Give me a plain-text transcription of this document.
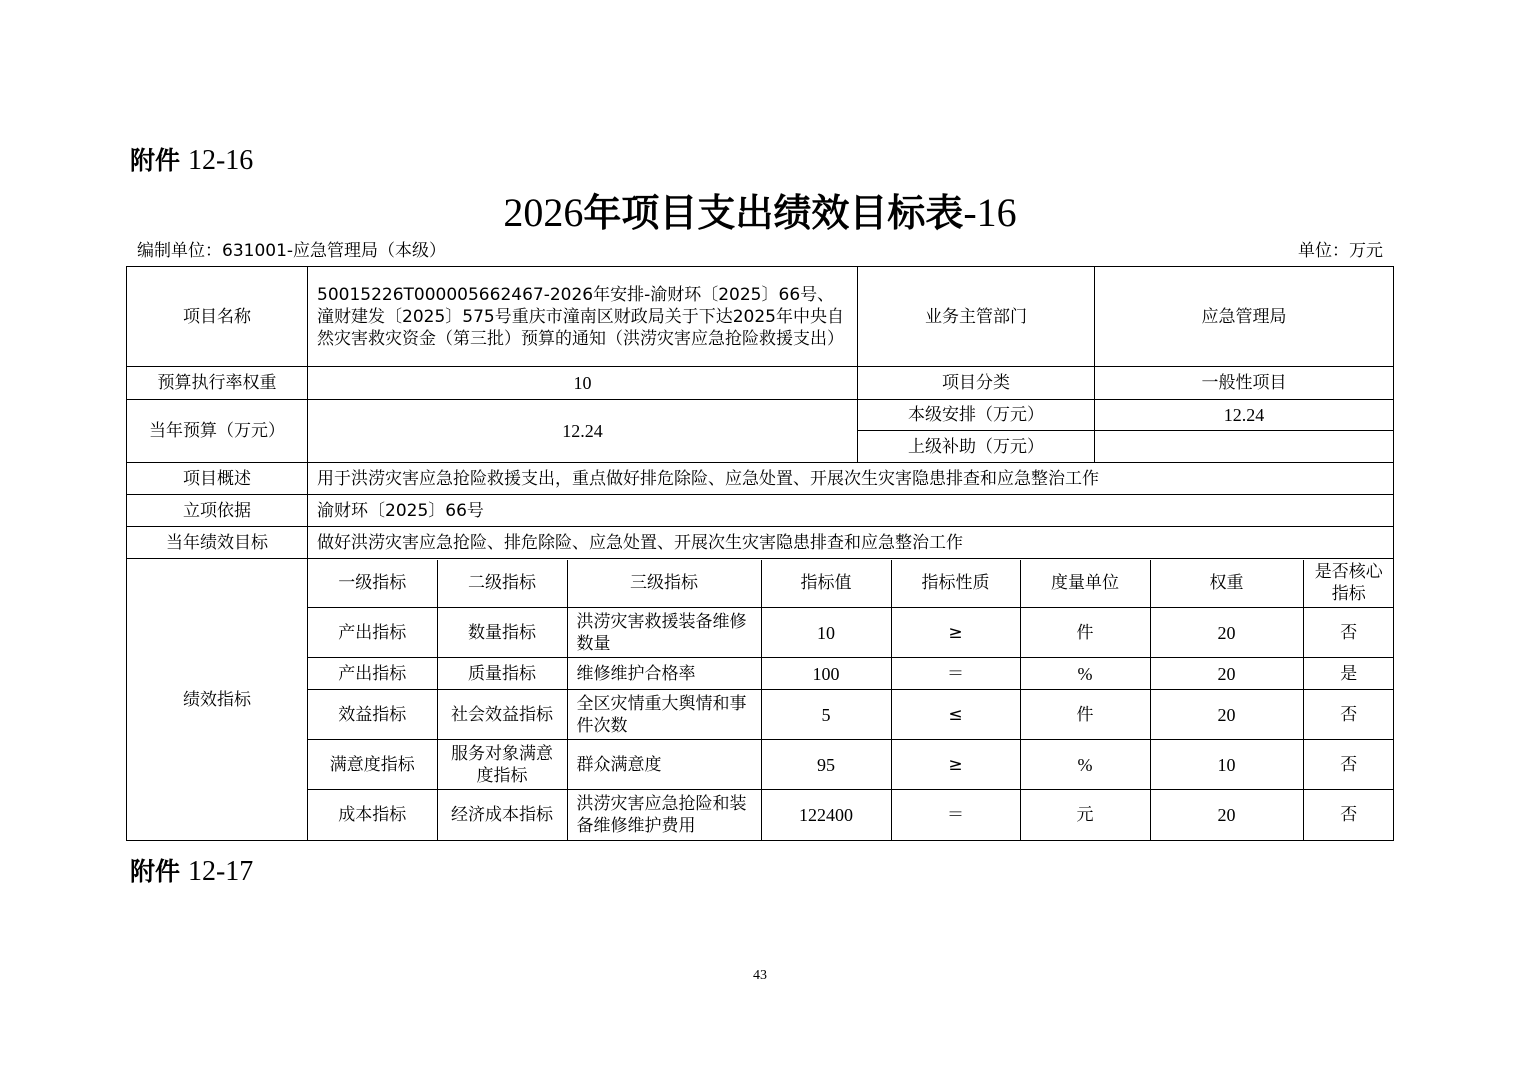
附件 12-16
2026年项目支出绩效目标表-16
编制单位：631001-应急管理局（本级）	单位：万元
项目名称	50015226T000005662467-2026年安排-渝财环〔2025〕66号、潼财建发〔2025〕575号重庆市潼南区财政局关于下达2025年中央自然灾害救灾资金（第三批）预算的通知（洪涝灾害应急抢险救援支出）	业务主管部门	应急管理局
预算执行率权重	10	项目分类	一般性项目
当年预算（万元）	12.24	本级安排（万元）	12.24
上级补助（万元）	
项目概述	用于洪涝灾害应急抢险救援支出，重点做好排危除险、应急处置、开展次生灾害隐患排查和应急整治工作
立项依据	渝财环〔2025〕66号
当年绩效目标	做好洪涝灾害应急抢险、排危除险、应急处置、开展次生灾害隐患排查和应急整治工作
绩效指标	
一级指标	二级指标	三级指标	指标值	指标性质	度量单位	权重	是否核心指标
产出指标	数量指标	洪涝灾害救援装备维修数量	10	≥	件	20	否
产出指标	质量指标	维修维护合格率	100	＝	%	20	是
效益指标	社会效益指标	全区灾情重大舆情和事件次数	5	≤	件	20	否
满意度指标	服务对象满意度指标	群众满意度	95	≥	%	10	否
成本指标	经济成本指标	洪涝灾害应急抢险和装备维修维护费用	122400	＝	元	20	否
附件 12-17
43
